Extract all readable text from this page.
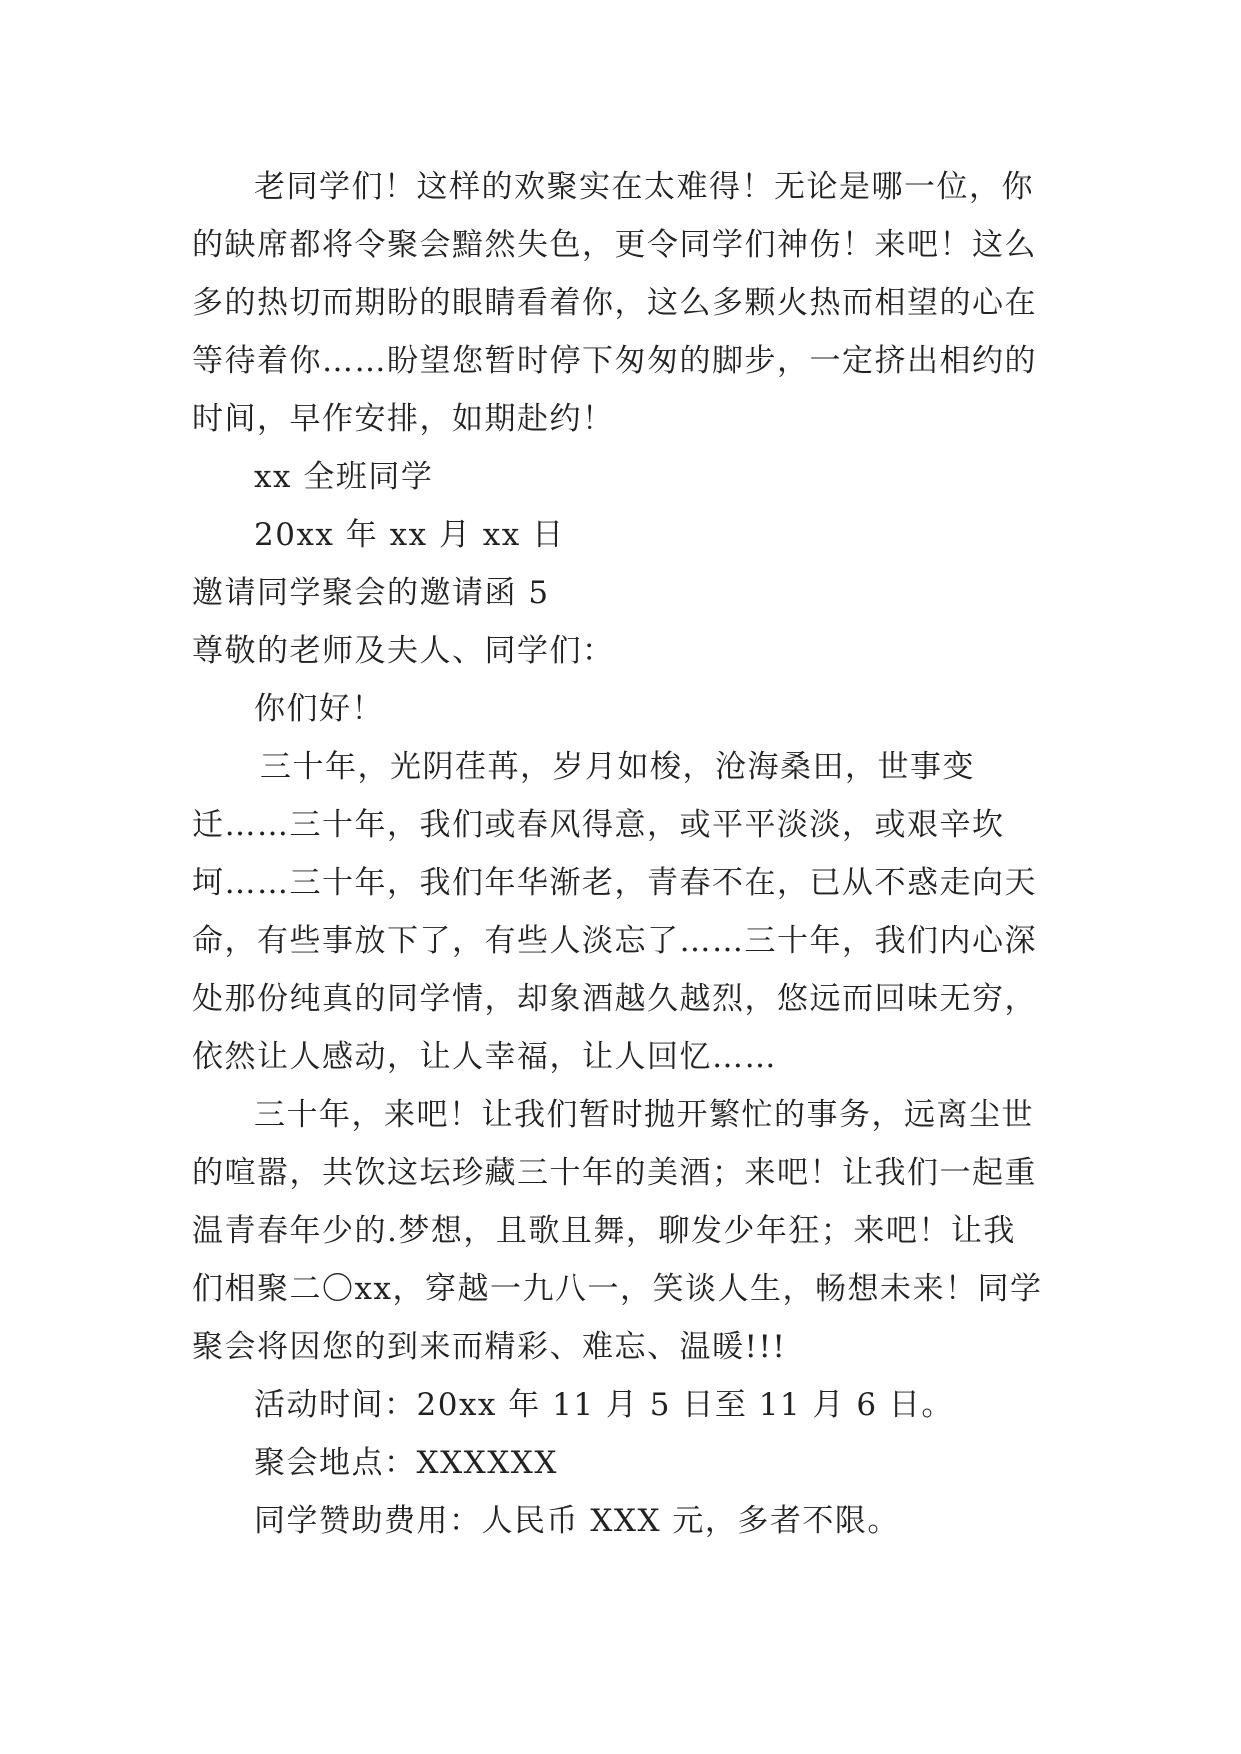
老同学们！这样的欢聚实在太难得！无论是哪一位，你
的缺席都将令聚会黯然失色，更令同学们神伤！来吧！这么
多的热切而期盼的眼睛看着你，这么多颗火热而相望的心在
等待着你……盼望您暂时停下匆匆的脚步，一定挤出相约的
时间，早作安排，如期赴约！
xx 全班同学
20xx 年 xx 月 xx 日
邀请同学聚会的邀请函 5
尊敬的老师及夫人、同学们：
你们好！
三十年，光阴荏苒，岁月如梭，沧海桑田，世事变
迁……三十年，我们或春风得意，或平平淡淡，或艰辛坎
坷……三十年，我们年华渐老，青春不在，已从不惑走向天
命，有些事放下了，有些人淡忘了……三十年，我们内心深
处那份纯真的同学情，却象酒越久越烈，悠远而回味无穷，
依然让人感动，让人幸福，让人回忆……
三十年，来吧！让我们暂时抛开繁忙的事务，远离尘世
的喧嚣，共饮这坛珍藏三十年的美酒；来吧！让我们一起重
温青春年少的.梦想，且歌且舞，聊发少年狂；来吧！让我
们相聚二〇xx，穿越一九八一，笑谈人生，畅想未来！同学
聚会将因您的到来而精彩、难忘、温暖!!!
活动时间：20xx 年 11 月 5 日至 11 月 6 日。
聚会地点：XXXXXX
同学赞助费用：人民币 XXX 元，多者不限。
